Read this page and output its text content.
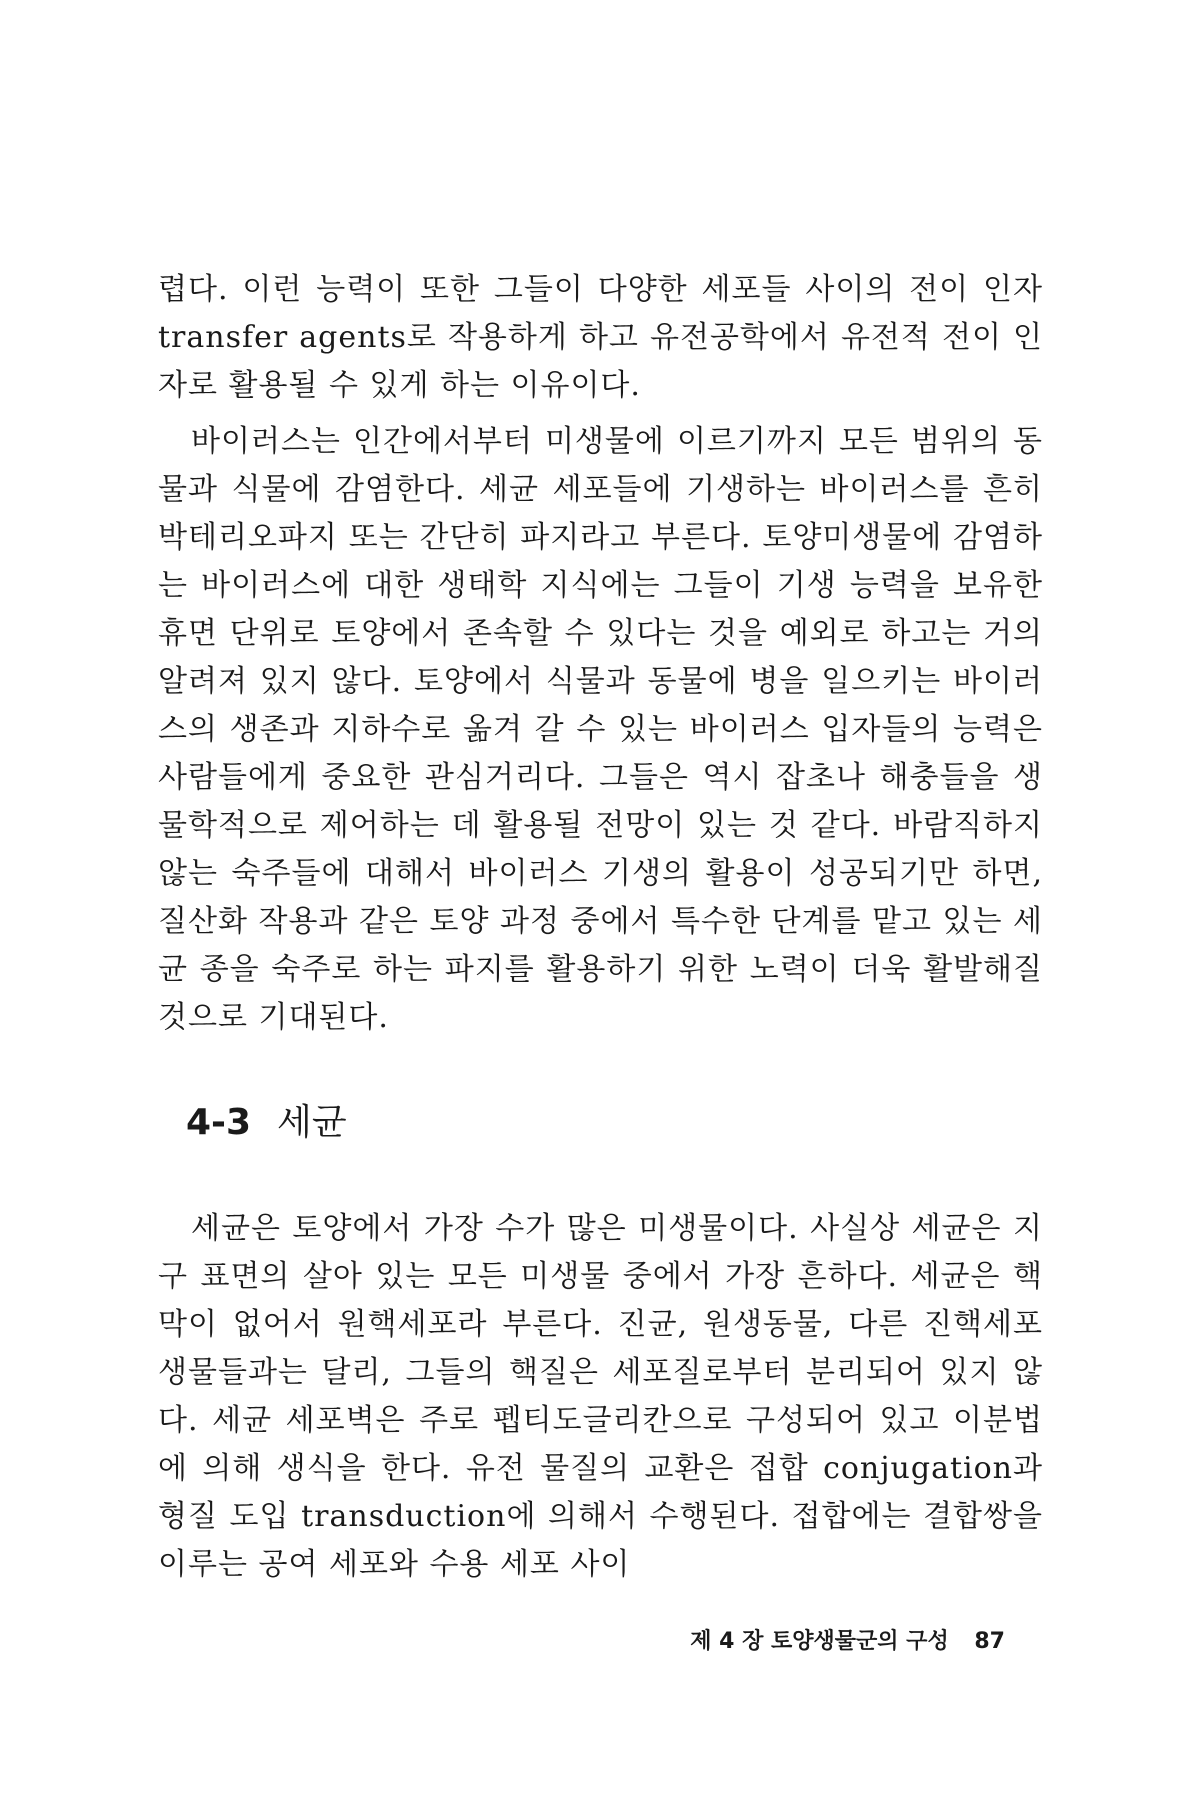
렵다. 이런 능력이 또한 그들이 다양한 세포들 사이의 전이 인자 transfer agents로 작용하게 하고 유전공학에서 유전적 전이 인자로 활용될 수 있게 하는 이유이다.

바이러스는 인간에서부터 미생물에 이르기까지 모든 범위의 동물과 식물에 감염한다. 세균 세포들에 기생하는 바이러스를 흔히 박테리오파지 또는 간단히 파지라고 부른다. 토양미생물에 감염하는 바이러스에 대한 생태학 지식에는 그들이 기생 능력을 보유한 휴면 단위로 토양에서 존속할 수 있다는 것을 예외로 하고는 거의 알려져 있지 않다. 토양에서 식물과 동물에 병을 일으키는 바이러스의 생존과 지하수로 옮겨 갈 수 있는 바이러스 입자들의 능력은 사람들에게 중요한 관심거리다. 그들은 역시 잡초나 해충들을 생물학적으로 제어하는 데 활용될 전망이 있는 것 같다. 바람직하지 않는 숙주들에 대해서 바이러스 기생의 활용이 성공되기만 하면, 질산화 작용과 같은 토양 과정 중에서 특수한 단계를 맡고 있는 세균 종을 숙주로 하는 파지를 활용하기 위한 노력이 더욱 활발해질 것으로 기대된다.

4-3 세균

세균은 토양에서 가장 수가 많은 미생물이다. 사실상 세균은 지구 표면의 살아 있는 모든 미생물 중에서 가장 흔하다. 세균은 핵막이 없어서 원핵세포라 부른다. 진균, 원생동물, 다른 진핵세포 생물들과는 달리, 그들의 핵질은 세포질로부터 분리되어 있지 않다. 세균 세포벽은 주로 펩티도글리칸으로 구성되어 있고 이분법에 의해 생식을 한다. 유전 물질의 교환은 접합 conjugation과 형질 도입 transduction에 의해서 수행된다. 접합에는 결합쌍을 이루는 공여 세포와 수용 세포 사이

제 4 장 토양생물군의 구성 87
